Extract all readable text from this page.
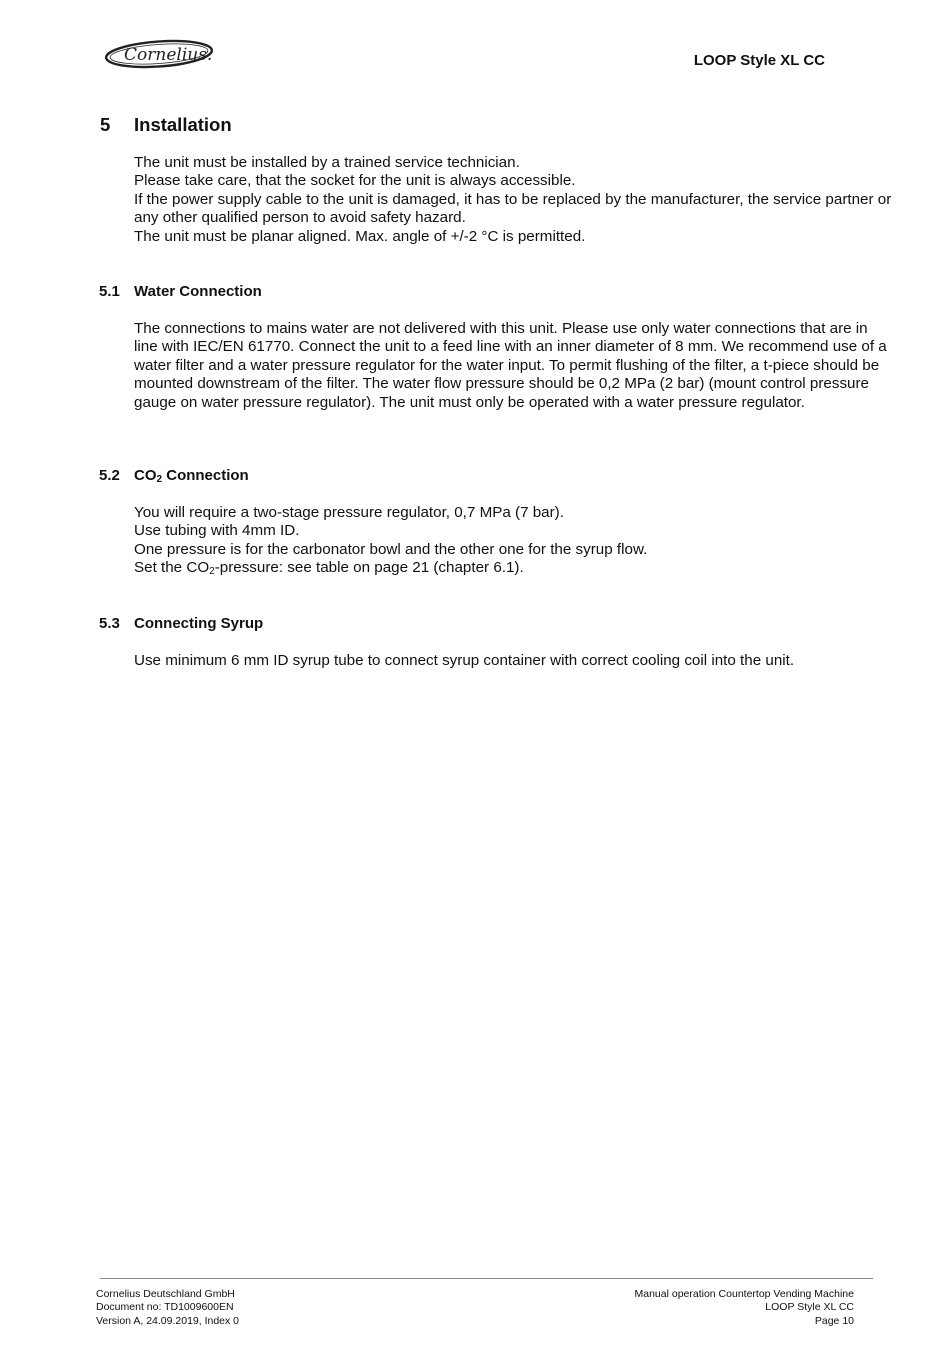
Cornelius.	LOOP Style XL CC
5 Installation

The unit must be installed by a trained service technician.

Please take care, that the socket for the unit is always accessible.

If the power supply cable to the unit is damaged, it has to be replaced by the manufacturer, the service partner or any other qualified person to avoid safety hazard.

The unit must be planar aligned. Max. angle of +/-2 °C is permitted.

5.1 Water Connection

The connections to mains water are not delivered with this unit. Please use only water connections that are in line with IEC/EN 61770. Connect the unit to a feed line with an inner diameter of 8 mm. We recommend use of a water filter and a water pressure regulator for the water input. To permit flushing of the filter, a t-piece should be mounted downstream of the filter. The water flow pressure should be 0,2 MPa (2 bar) (mount control pressure gauge on water pressure regulator). The unit must only be operated with a water pressure regulator.

5.2 $CO_2$ Connection

You will require a two-stage pressure regulator, 0,7 MPa (7 bar).

Use tubing with 4mm ID.

One pressure is for the carbonator bowl and the other one for the syrup flow.

Set the $CO_2$-pressure: see table on page 21 (chapter 6.1).

5.3 Connecting Syrup

Use minimum 6 mm ID syrup tube to connect syrup container with correct cooling coil into the unit.

Cornelius Deutschland GmbH
Document no: TD1009600EN
Version A, 24.09.2019, Index 0
Manual operation Countertop Vending Machine
LOOP Style XL CC
Page 10
